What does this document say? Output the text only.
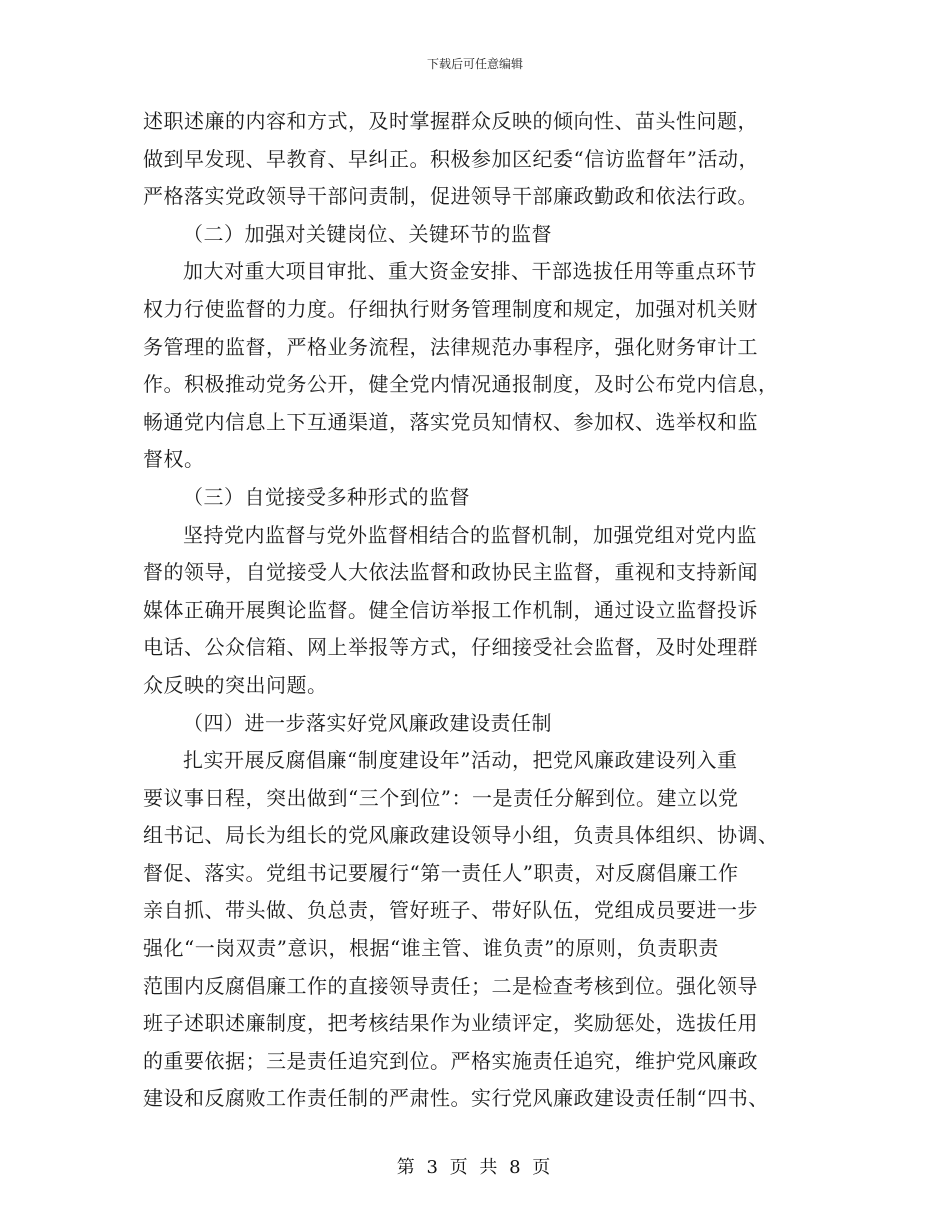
下载后可任意编辑
述职述廉的内容和方式，及时掌握群众反映的倾向性、苗头性问题，
做到早发现、早教育、早纠正。积极参加区纪委“信访监督年”活动，
严格落实党政领导干部问责制，促进领导干部廉政勤政和依法行政。
（二）加强对关键岗位、关键环节的监督
加大对重大项目审批、重大资金安排、干部选拔任用等重点环节
权力行使监督的力度。仔细执行财务管理制度和规定，加强对机关财
务管理的监督，严格业务流程，法律规范办事程序，强化财务审计工
作。积极推动党务公开，健全党内情况通报制度，及时公布党内信息，
畅通党内信息上下互通渠道，落实党员知情权、参加权、选举权和监
督权。
（三）自觉接受多种形式的监督
坚持党内监督与党外监督相结合的监督机制，加强党组对党内监
督的领导，自觉接受人大依法监督和政协民主监督，重视和支持新闻
媒体正确开展舆论监督。健全信访举报工作机制，通过设立监督投诉
电话、公众信箱、网上举报等方式，仔细接受社会监督，及时处理群
众反映的突出问题。
（四）进一步落实好党风廉政建设责任制
扎实开展反腐倡廉“制度建设年”活动，把党风廉政建设列入重
要议事日程，突出做到“三个到位”：一是责任分解到位。建立以党
组书记、局长为组长的党风廉政建设领导小组，负责具体组织、协调、
督促、落实。党组书记要履行“第一责任人”职责，对反腐倡廉工作
亲自抓、带头做、负总责，管好班子、带好队伍，党组成员要进一步
强化“一岗双责”意识，根据“谁主管、谁负责”的原则，负责职责
范围内反腐倡廉工作的直接领导责任；二是检查考核到位。强化领导
班子述职述廉制度，把考核结果作为业绩评定，奖励惩处，选拔任用
的重要依据；三是责任追究到位。严格实施责任追究，维护党风廉政
建设和反腐败工作责任制的严肃性。实行党风廉政建设责任制“四书、
第 3 页 共 8 页
